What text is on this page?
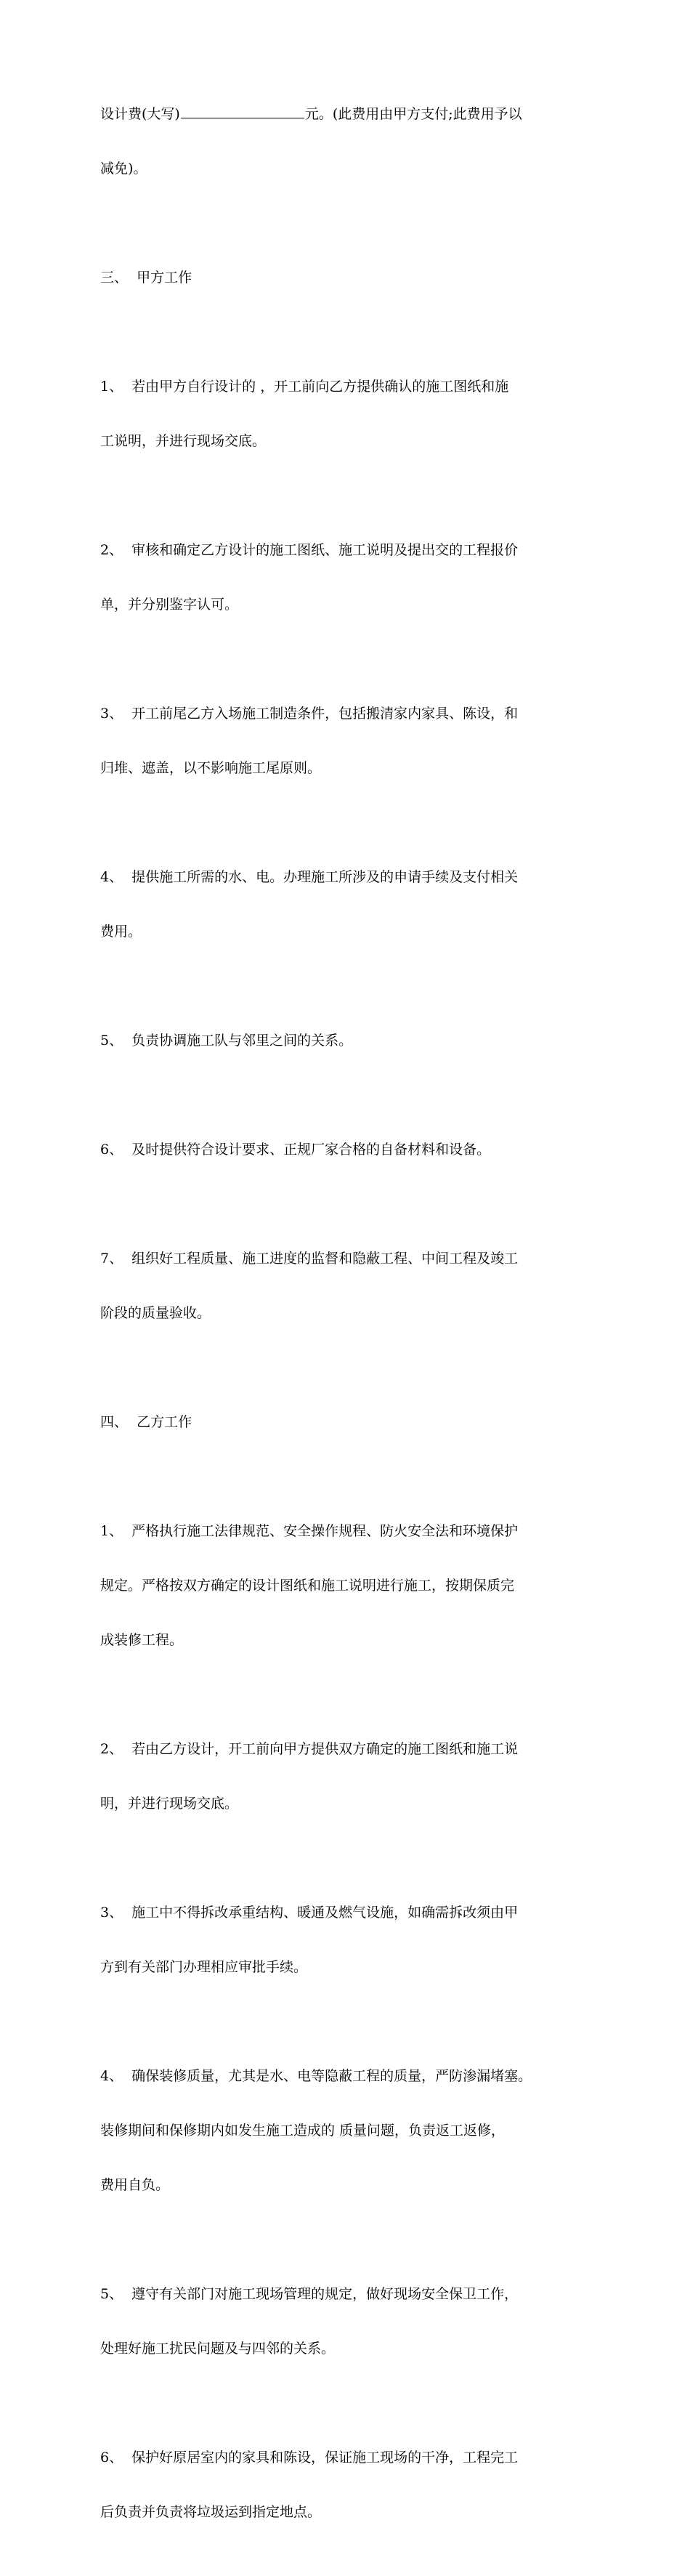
设计费(大写)	元。(此费用由甲方支付;此费用予以

减免)。

三、  甲方工作

1、  若由甲方自行设计的 ，开工前向乙方提供确认的施工图纸和施

工说明，并进行现场交底。

2、  审核和确定乙方设计的施工图纸、施工说明及提出交的工程报价

单，并分别鉴字认可。

3、  开工前尾乙方入场施工制造条件，包括搬清家内家具、陈设，和

归堆、遮盖，以不影响施工尾原则。

4、  提供施工所需的水、电。办理施工所涉及的申请手续及支付相关

费用。

5、  负责协调施工队与邻里之间的关系。

6、  及时提供符合设计要求、正规厂家合格的自备材料和设备。

7、  组织好工程质量、施工进度的监督和隐蔽工程、中间工程及竣工

阶段的质量验收。

四、  乙方工作

1、  严格执行施工法律规范、安全操作规程、防火安全法和环境保护

规定。严格按双方确定的设计图纸和施工说明进行施工，按期保质完

成装修工程。

2、  若由乙方设计，开工前向甲方提供双方确定的施工图纸和施工说

明，并进行现场交底。

3、  施工中不得拆改承重结构、暖通及燃气设施，如确需拆改须由甲

方到有关部门办理相应审批手续。

4、  确保装修质量，尤其是水、电等隐蔽工程的质量，严防渗漏堵塞。

装修期间和保修期内如发生施工造成的 质量问题，负责返工返修，

费用自负。

5、  遵守有关部门对施工现场管理的规定，做好现场安全保卫工作，

处理好施工扰民问题及与四邻的关系。

6、  保护好原居室内的家具和陈设，保证施工现场的干净，工程完工

后负责并负责将垃圾运到指定地点。
